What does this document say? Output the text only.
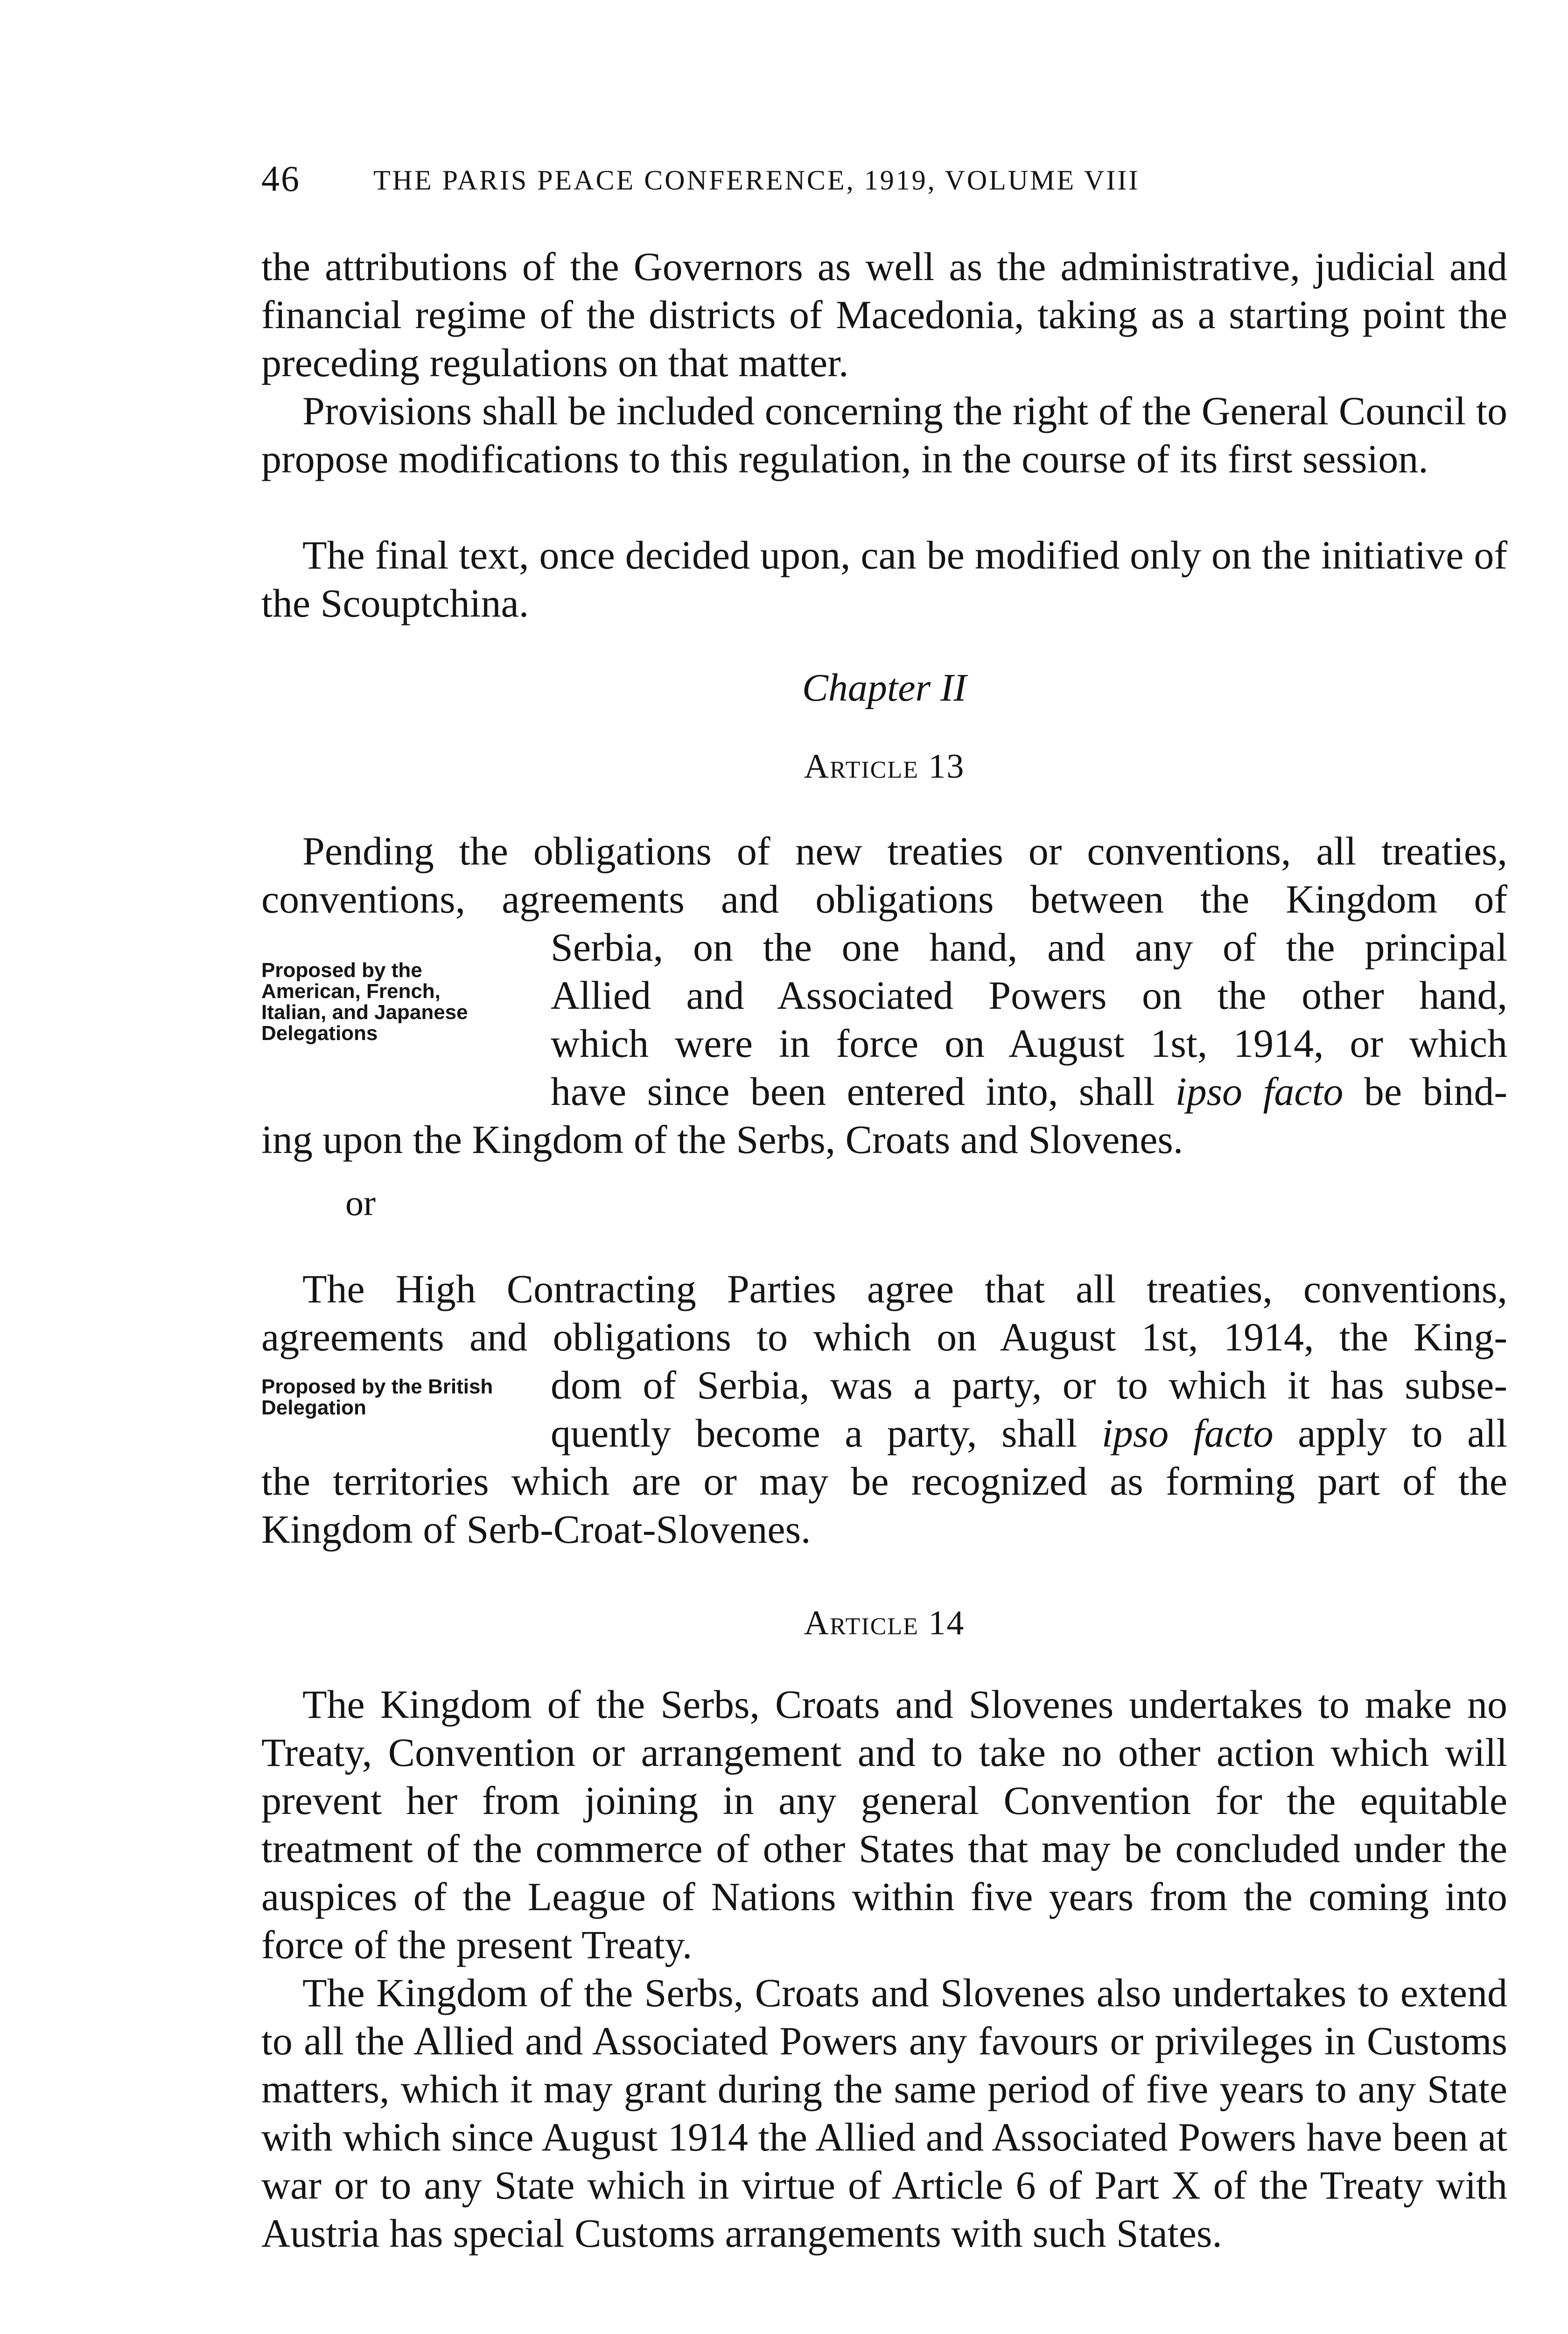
46	THE PARIS PEACE CONFERENCE, 1919, VOLUME VIII

the attributions of the Governors as well as the administrative, judicial and financial regime of the districts of Macedonia, taking as a starting point the preceding regulations on that matter.

Provisions shall be included concerning the right of the General Council to propose modifications to this regulation, in the course of its first session.

The final text, once decided upon, can be modified only on the initiative of the Scouptchina.

Chapter II

Article 13

Pending the obligations of new treaties or conventions, all treaties,

conventions, agreements and obligations between the Kingdom of

Serbia, on the one hand, and any of the principal

Allied and Associated Powers on the other hand,

which were in force on August 1st, 1914, or which

have since been entered into, shall ipso facto be bind-

ing upon the Kingdom of the Serbs, Croats and Slovenes.

Proposed by the American, French, Italian, and Japanese Delegations

or

The High Contracting Parties agree that all treaties, conventions,

agreements and obligations to which on August 1st, 1914, the King-

dom of Serbia, was a party, or to which it has subse-

quently become a party, shall ipso facto apply to all

the territories which are or may be recognized as forming part of the

Kingdom of Serb-Croat-Slovenes.

Proposed by the British Delegation

Article 14

The Kingdom of the Serbs, Croats and Slovenes undertakes to make no Treaty, Convention or arrangement and to take no other action which will prevent her from joining in any general Convention for the equitable treatment of the commerce of other States that may be concluded under the auspices of the League of Nations within five years from the coming into force of the present Treaty.

The Kingdom of the Serbs, Croats and Slovenes also undertakes to extend to all the Allied and Associated Powers any favours or privileges in Customs matters, which it may grant during the same period of five years to any State with which since August 1914 the Allied and Associated Powers have been at war or to any State which in virtue of Article 6 of Part X of the Treaty with Austria has special Customs arrangements with such States.
